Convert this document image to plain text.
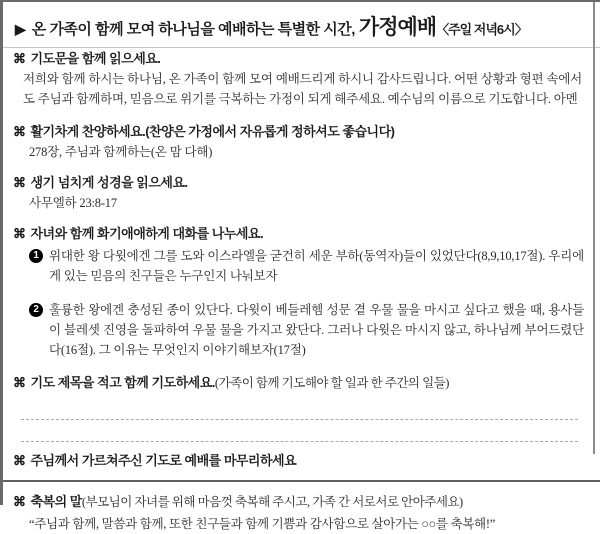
▶ 온 가족이 함께 모여 하나님을 예배하는 특별한 시간, 가정예배〈주일 저녁6시〉
⌘ 기도문을 함께 읽으세요.
저희와 함께 하시는 하나님, 온 가족이 함께 모여 예배드리게 하시니 감사드립니다. 어떤 상황과 형편 속에서도 주님과 함께하며, 믿음으로 위기를 극복하는 가정이 되게 해주세요. 예수님의 이름으로 기도합니다. 아멘
⌘ 활기차게 찬양하세요.(찬양은 가정에서 자유롭게 정하셔도 좋습니다)
278장, 주님과 함께하는(온 맘 다해)
⌘ 생기 넘치게 성경을 읽으세요.
사무엘하 23:8-17
⌘ 자녀와 함께 화기애애하게 대화를 나누세요.
1 위대한 왕 다윗에겐 그를 도와 이스라엘을 굳건히 세운 부하(동역자)들이 있었단다(8,9,10,17절). 우리에게 있는 믿음의 친구들은 누구인지 나눠보자
2 훌륭한 왕에겐 충성된 종이 있단다. 다윗이 베들레헴 성문 곁 우물 물을 마시고 싶다고 했을 때, 용사들이 블레셋 진영을 돌파하여 우물 물을 가지고 왔단다. 그러나 다윗은 마시지 않고, 하나님께 부어드렸단다(16절). 그 이유는 무엇인지 이야기해보자(17절)
⌘ 기도 제목을 적고 함께 기도하세요.(가족이 함께 기도해야 할 일과 한 주간의 일들)
⌘ 주님께서 가르쳐주신 기도로 예배를 마무리하세요
⌘ 축복의 말(부모님이 자녀를 위해 마음껏 축복해 주시고, 가족 간 서로서로 안아주세요)
“주님과 함께, 말씀과 함께, 또한 친구들과 함께 기쁨과 감사함으로 살아가는 ○○를 축복해!”
